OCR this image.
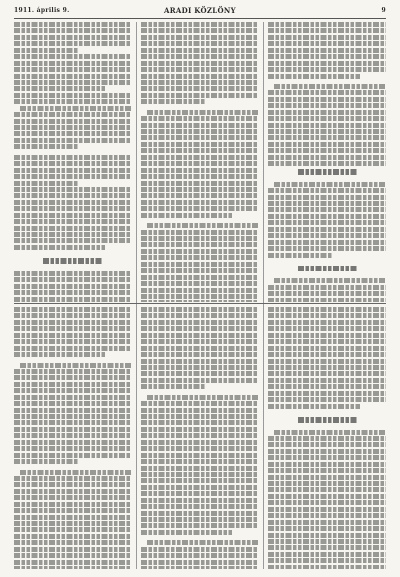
1911. április 9.	ARADI KÖZLÖNY	9
